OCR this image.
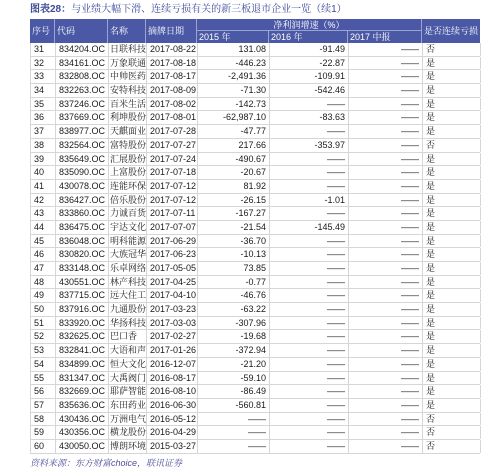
图表28：与业绩大幅下滑、连续亏损有关的新三板退市企业一览（续1）
序号 代码	名称	摘牌日期
净利润增速（%）
2015 年	2016 年	2017 中报
是否连续亏损
31	834204.OC 日联科技 2017-08-22	131.08	-91.49	—— 否
32	834161.OC 万象联通 2017-08-18	-446.23	-22.87	—— 是
33	832808.OC 中帅医药 2017-08-17	-2,491.36	-109.91	—— 是
34	832263.OC 安特科技 2017-08-09	-71.30	-542.46	—— 是
35	837246.OC 百米生活 2017-08-02	-142.73	——	—— 是
36	837669.OC 利坤股份 2017-08-01	-62,987.10	-83.63	—— 是
37	838977.OC 天麒面业 2017-07-28	-47.77	——	—— 是
38	832564.OC 富特股份 2017-07-27	217.66	-353.97	—— 否
39	835649.OC 汇展股份 2017-07-24	-490.67	——	—— 是
40	835090.OC 上富股份 2017-07-18	-20.67	——	—— 是
41	430078.OC 连能环保 2017-07-12	81.92	——	—— 是
42	836427.OC 倍乐股份 2017-07-12	-26.15	-1.01	—— 是
43	833860.OC 力诚百货 2017-07-11	-167.27	——	—— 是
44	836475.OC 宇达文化 2017-07-07	-21.54	-145.49	—— 是
45	836048.OC 明科能源 2017-06-29	-36.70	——	—— 是
46	830820.OC 大族冠华 2017-06-23	-10.13	——	—— 是
47	833148.OC 乐卓网络 2017-05-05	73.85	——	—— 是
48	430551.OC 林产科技 2017-04-25	-0.77	——	—— 是
49	837715.OC 远大住工 2017-04-10	-46.76	——	—— 是
50	837916.OC 九通股份 2017-03-23	-63.22	——	—— 是
51	833920.OC 华扬科技 2017-03-03	-307.96	——	—— 是
52	832625.OC 巴口香	2017-02-27	-19.68	——	—— 是
53	832841.OC 大语和声 2017-01-26	-372.94	——	—— 是
54	834899.OC 恒大文化 2016-12-07	-21.20	——	—— 是
55	831347.OC 大禹阀门 2016-08-17	-59.10	——	—— 是
56	832669.OC 耶萨智能 2016-08-10	-86.49	——	—— 是
57	835636.OC 东田药业 2016-06-30	-560.81	——	—— 是
58	430436.OC 万洲电气 2016-05-12	——	——	—— 否
59	430356.OC 横龙股份 2016-04-29	——	——	—— 否
60	430050.OC 博朗环境 2015-03-27	——	——	—— 否
资料来源：东方财富choice，联讯证券
